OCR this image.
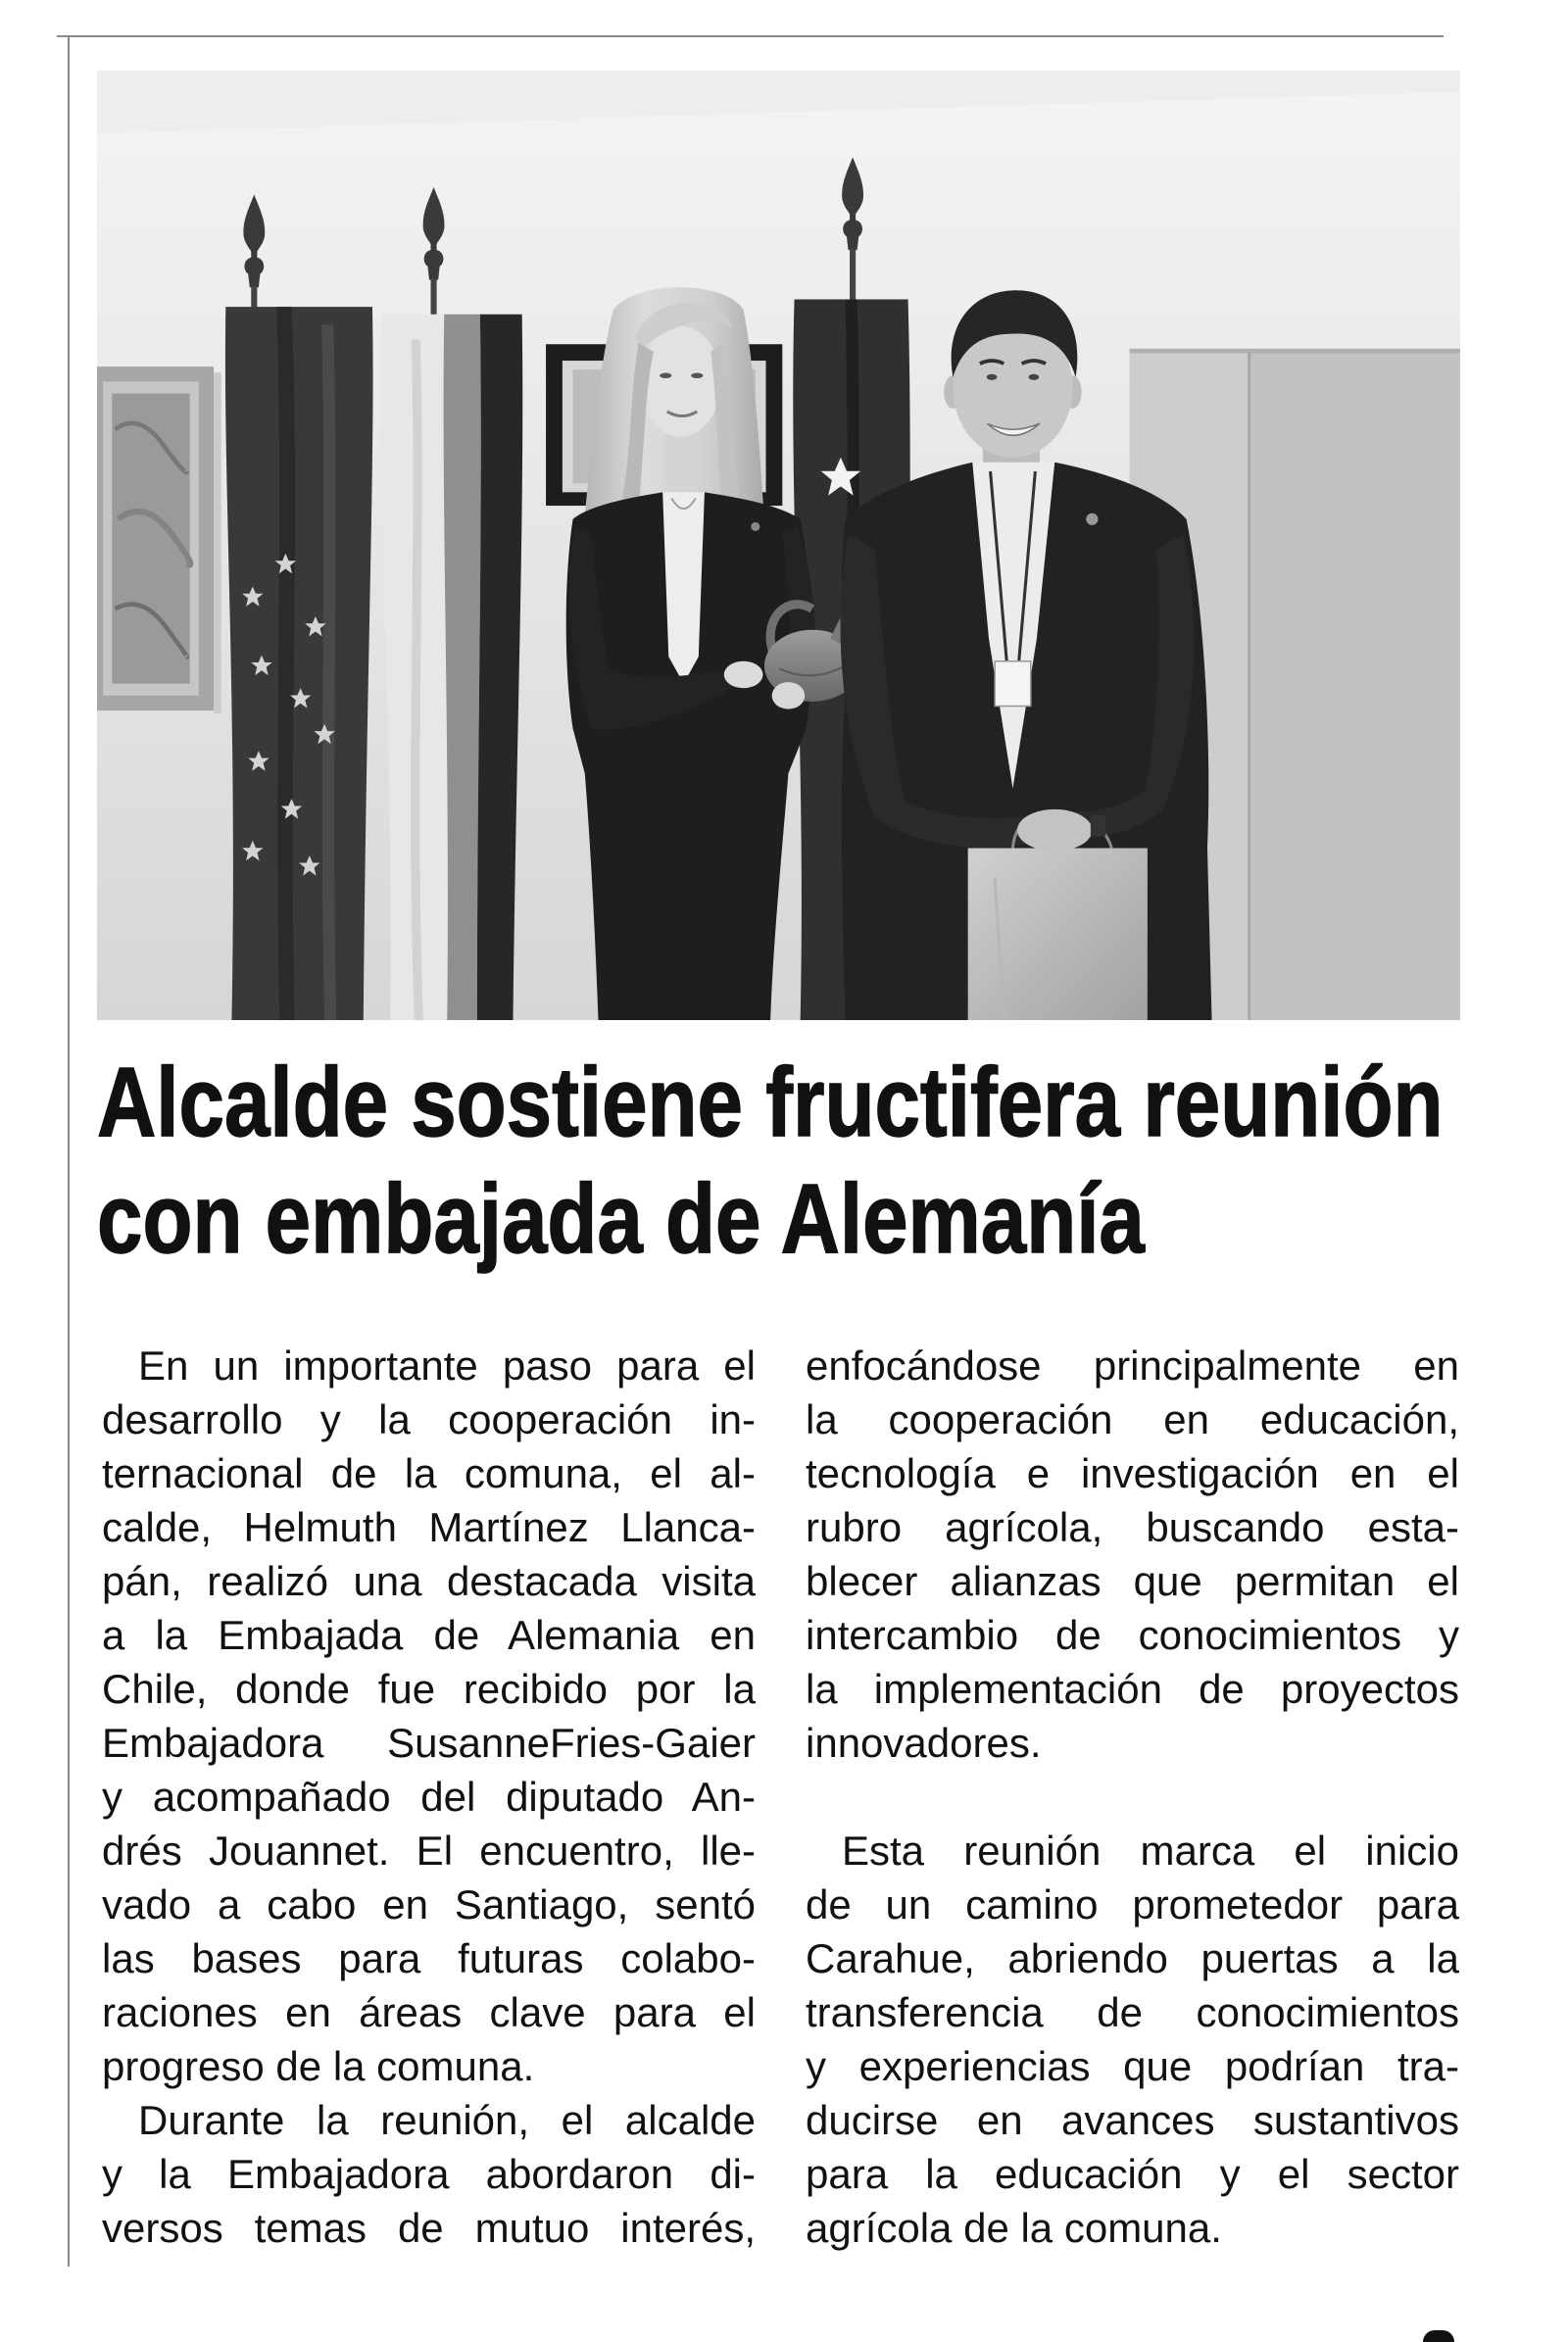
Alcalde sostiene fructifera reunión
con embajada de Alemanía
En un importante paso para el
desarrollo y la cooperación in-
ternacional de la comuna, el al-
calde, Helmuth Martínez Llanca-
pán, realizó una destacada visita
a la Embajada de Alemania en
Chile, donde fue recibido por la
Embajadora SusanneFries-Gaier
y acompañado del diputado An-
drés Jouannet. El encuentro, lle-
vado a cabo en Santiago, sentó
las bases para futuras colabo-
raciones en áreas clave para el
progreso de la comuna.
Durante la reunión, el alcalde
y la Embajadora abordaron di-
versos temas de mutuo interés,
enfocándose principalmente en
la cooperación en educación,
tecnología e investigación en el
rubro agrícola, buscando esta-
blecer alianzas que permitan el
intercambio de conocimientos y
la implementación de proyectos
innovadores.
Esta reunión marca el inicio
de un camino prometedor para
Carahue, abriendo puertas a la
transferencia de conocimientos
y experiencias que podrían tra-
ducirse en avances sustantivos
para la educación y el sector
agrícola de la comuna.
